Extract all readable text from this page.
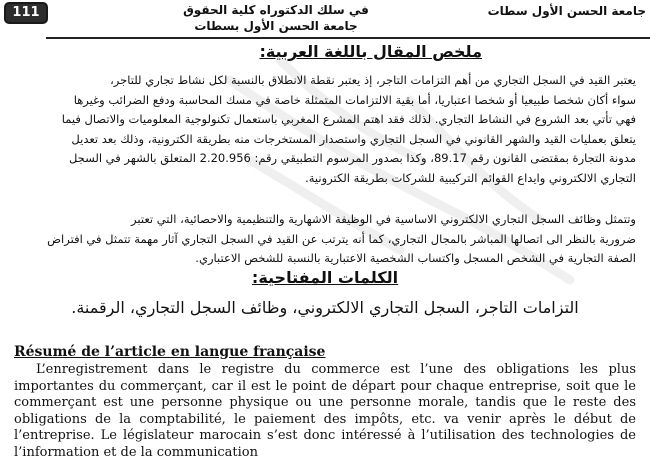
111	في سلك الدكتوراه كلية الحقوق
جامعة الحسن الأول بسطات
جامعة الحسن الأول سطات
ملخص المقال باللغة العربية:
يعتبر القيد في السجل التجاري من أهم التزامات التاجر، إذ يعتبر نقطة الانطلاق بالنسبة لكل نشاط تجاري للتاجر،
سواء أكان شخصا طبيعيا أو شخصا اعتباريا، أما بقية الالتزامات المتمثلة خاصة في مسك المحاسبة ودفع الضرائب وغيرها
فهي تأتي بعد الشروع في النشاط التجاري. لذلك فقد اهتم المشرع المغربي باستعمال تكنولوجية المعلوميات والاتصال فيما
يتعلق بعمليات القيد والشهر القانوني في السجل التجاري واستصدار المستخرجات منه بطريقة الكترونية، وذلك بعد تعديل
مدونة التجارة بمقتضى القانون رقم 89.17، وكذا بصدور المرسوم التطبيقي رقم: 2.20.956 المتعلق بالشهر في السجل
التجاري الالكتروني وايداع القوائم التركيبية للشركات بطريقة الكترونية.
وتتمثل وظائف السجل التجاري الالكتروني الاساسية في الوظيفة الاشهارية والتنظيمية والاحصائية، التي تعتبر
ضرورية بالنظر الى اتصالها المباشر بالمجال التجاري، كما أنه يترتب عن القيد في السجل التجاري آثار مهمة تتمثل في افتراض
الصفة التجارية في الشخص المسجل واكتساب الشخصية الاعتبارية بالنسبة للشخص الاعتباري.
الكلمات المفتاحية:
التزامات التاجر، السجل التجاري الالكتروني، وظائف السجل التجاري، الرقمنة.
Résumé de l’article en langue française

L’enregistrement dans le registre du commerce est l’une des obligations les plus importantes du commerçant, car il est le point de départ pour chaque entreprise, soit que le commerçant est une personne physique ou une personne morale, tandis que le reste des obligations de la comptabilité, le paiement des impôts, etc. va venir après le début de l’entreprise. Le législateur marocain s’est donc intéressé à l’utilisation des technologies de l’information et de la communication
